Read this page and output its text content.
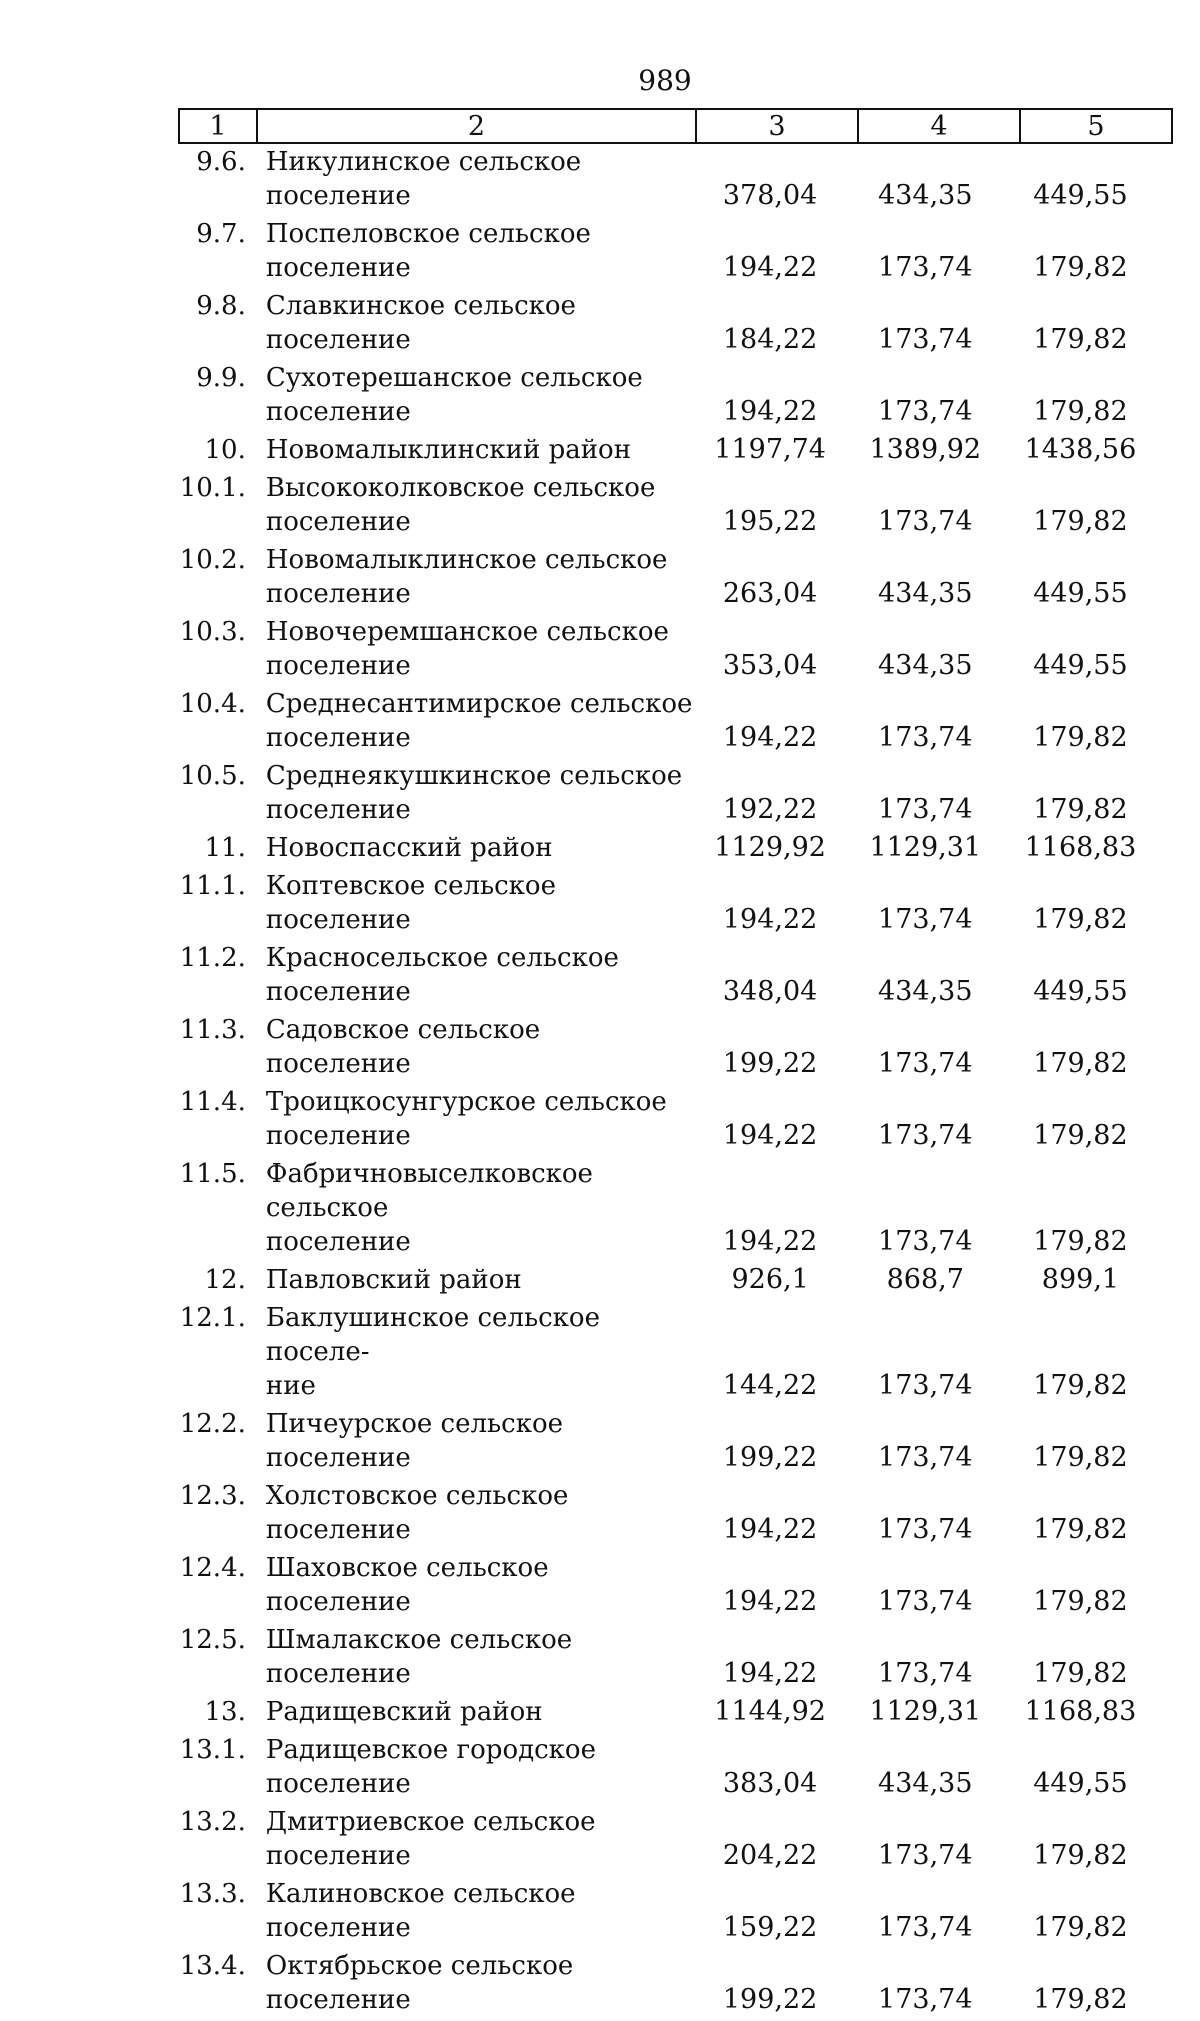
989
1	2	3	4	5
9.6. Никулинское сельское поселение	378,04	434,35	449,55
9.7. Поспеловское сельское
поселение	194,22	173,74	179,82
9.8. Славкинское сельское поселение	184,22	173,74	179,82
9.9. Сухотерешанское сельское
поселение	194,22	173,74	179,82
10. Новомалыклинский район	1197,74	1389,92	1438,56
10.1. Высококолковское сельское
поселение	195,22	173,74	179,82
10.2. Новомалыклинское сельское
поселение	263,04	434,35	449,55
10.3. Новочеремшанское сельское
поселение	353,04	434,35	449,55
10.4. Среднесантимирское сельское
поселение	194,22	173,74	179,82
10.5. Среднеякушкинское сельское
поселение	192,22	173,74	179,82
11. Новоспасский район	1129,92	1129,31	1168,83
11.1. Коптевское сельское поселение	194,22	173,74	179,82
11.2. Красносельское сельское
поселение	348,04	434,35	449,55
11.3. Садовское сельское поселение	199,22	173,74	179,82
11.4. Троицкосунгурское сельское
поселение	194,22	173,74	179,82
11.5. Фабричновыселковское сельское
поселение	194,22	173,74	179,82
12. Павловский район	926,1	868,7	899,1
12.1. Баклушинское сельское поселе-
ние	144,22	173,74	179,82
12.2. Пичеурское сельское поселение	199,22	173,74	179,82
12.3. Холстовское сельское поселение	194,22	173,74	179,82
12.4. Шаховское сельское поселение	194,22	173,74	179,82
12.5. Шмалакское сельское поселение	194,22	173,74	179,82
13. Радищевский район	1144,92	1129,31	1168,83
13.1. Радищевское городское
поселение	383,04	434,35	449,55
13.2. Дмитриевское сельское
поселение	204,22	173,74	179,82
13.3. Калиновское сельское поселение	159,22	173,74	179,82
13.4. Октябрьское сельское поселение	199,22	173,74	179,82
